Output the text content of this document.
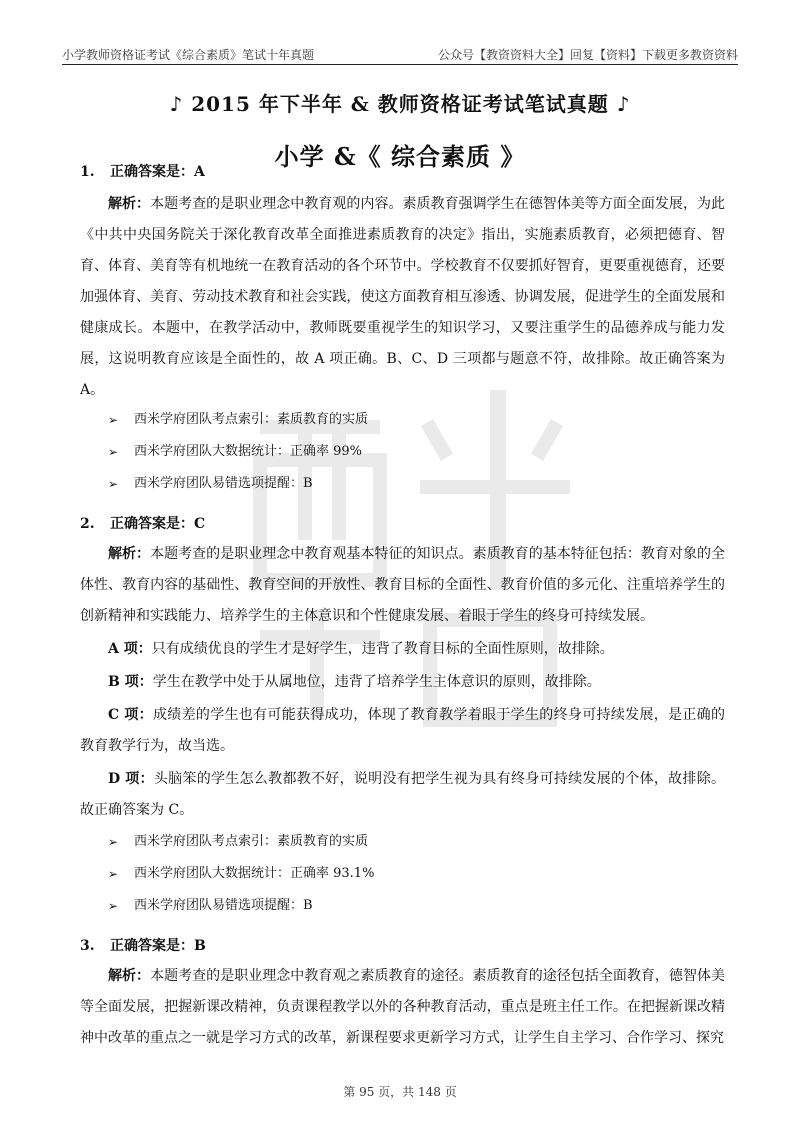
小学教师资格证考试《综合素质》笔试十年真题	公众号【教资资料大全】回复【资料】下载更多教资资料
♪ 2015 年下半年 & 教师资格证考试笔试真题 ♪
小学 &《 综合素质 》

1. 正确答案是：A

解析：本题考查的是职业理念中教育观的内容。素质教育强调学生在德智体美等方面全面发展，为此《中共中央国务院关于深化教育改革全面推进素质教育的决定》指出，实施素质教育，必须把德育、智育、体育、美育等有机地统一在教育活动的各个环节中。学校教育不仅要抓好智育，更要重视德育，还要加强体育、美育、劳动技术教育和社会实践，使这方面教育相互渗透、协调发展，促进学生的全面发展和健康成长。本题中，在教学活动中，教师既要重视学生的知识学习，又要注重学生的品德养成与能力发展，这说明教育应该是全面性的，故 A 项正确。B、C、D 三项都与题意不符，故排除。故正确答案为 A。

➢ 西米学府团队考点索引：素质教育的实质

➢ 西米学府团队大数据统计：正确率 99%

➢ 西米学府团队易错选项提醒：B

2. 正确答案是：C

解析：本题考查的是职业理念中教育观基本特征的知识点。素质教育的基本特征包括：教育对象的全体性、教育内容的基础性、教育空间的开放性、教育目标的全面性、教育价值的多元化、注重培养学生的创新精神和实践能力、培养学生的主体意识和个性健康发展、着眼于学生的终身可持续发展。

A 项：只有成绩优良的学生才是好学生，违背了教育目标的全面性原则，故排除。

B 项：学生在教学中处于从属地位，违背了培养学生主体意识的原则，故排除。

C 项：成绩差的学生也有可能获得成功，体现了教育教学着眼于学生的终身可持续发展，是正确的教育教学行为，故当选。

D 项：头脑笨的学生怎么教都教不好，说明没有把学生视为具有终身可持续发展的个体，故排除。故正确答案为 C。

➢ 西米学府团队考点索引：素质教育的实质

➢ 西米学府团队大数据统计：正确率 93.1%

➢ 西米学府团队易错选项提醒：B

3. 正确答案是：B

解析：本题考查的是职业理念中教育观之素质教育的途径。素质教育的途径包括全面教育，德智体美等全面发展，把握新课改精神，负责课程教学以外的各种教育活动，重点是班主任工作。在把握新课改精神中改革的重点之一就是学习方式的改革，新课程要求更新学习方式，让学生自主学习、合作学习、探究

第 95 页，共 148 页
